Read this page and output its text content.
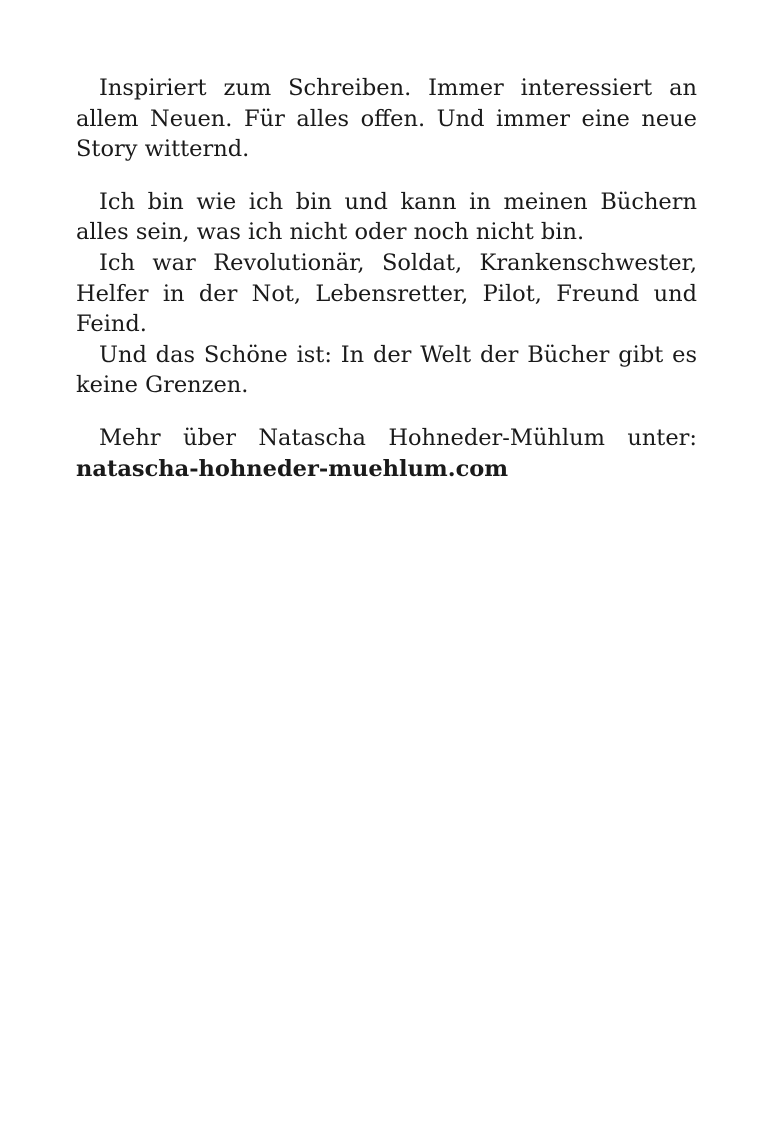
Inspiriert zum Schreiben. Immer interessiert an allem Neuen. Für alles offen. Und immer eine neue Story witternd.

Ich bin wie ich bin und kann in meinen Büchern alles sein, was ich nicht oder noch nicht bin.

Ich war Revolutionär, Soldat, Krankenschwester, Helfer in der Not, Lebensretter, Pilot, Freund und Feind.

Und das Schöne ist: In der Welt der Bücher gibt es keine Grenzen.

Mehr über Natascha Hohneder-Mühlum unter: natascha-hohneder-muehlum.com
